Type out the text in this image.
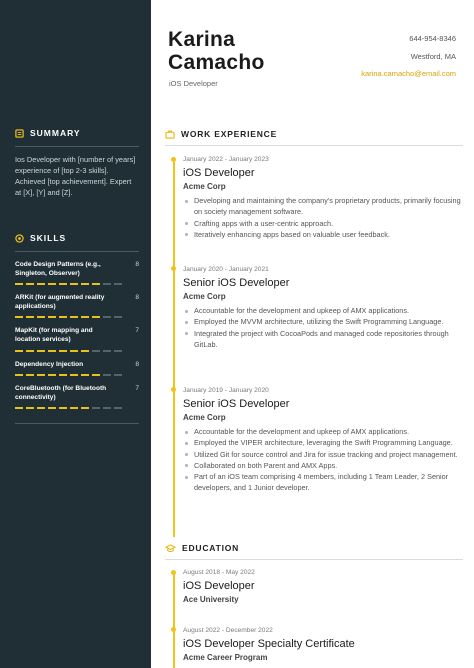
SUMMARY

Ios Developer with [number of years] experience of [top 2-3 skills]. Achieved [top achievement]. Expert at [X], [Y] and [Z].

SKILLS
Code Design Patterns (e.g., Singleton, Observer)
8
ARKit (for augmented reality applications)
8
MapKit (for mapping and location services)
7
Dependency Injection	8
CoreBluetooth (for Bluetooth connectivity)
7
Karina
Camacho
iOS Developer
644-954-8346
Westford, MA
karina.camacho@email.com
WORK EXPERIENCE
January 2022 - January 2023
iOS Developer
Acme Corp
Developing and maintaining the company's proprietary products, primarily focusing on society management software.
Crafting apps with a user-centric approach.
Iteratively enhancing apps based on valuable user feedback.
January 2020 - January 2021
Senior iOS Developer
Acme Corp
Accountable for the development and upkeep of AMX applications.
Employed the MVVM architecture, utilizing the Swift Programming Language.
Integrated the project with CocoaPods and managed code repositories through GitLab.
January 2019 - January 2020
Senior iOS Developer
Acme Corp
Accountable for the development and upkeep of AMX applications.
Employed the VIPER architecture, leveraging the Swift Programming Language.
Utilized Git for source control and Jira for issue tracking and project management.
Collaborated on both Parent and AMX Apps.
Part of an iOS team comprising 4 members, including 1 Team Leader, 2 Senior developers, and 1 Junior developer.
EDUCATION
August 2018 - May 2022
iOS Developer
Ace University
August 2022 - December 2022
iOS Developer Specialty Certificate
Acme Career Program
